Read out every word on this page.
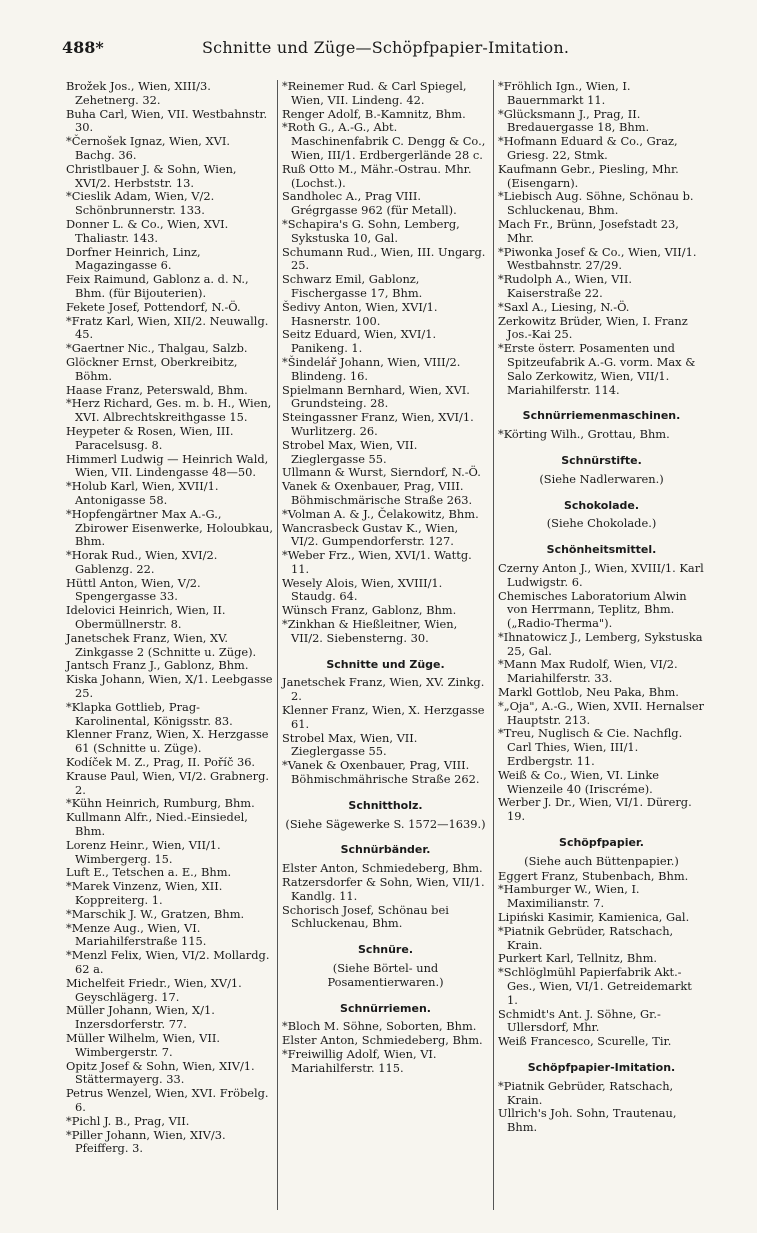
488*	Schnitte und Züge—Schöpfpapier-Imitation.
Brožek Jos., Wien, XIII/3. Zehetnerg. 32.
Buha Carl, Wien, VII. Westbahnstr. 30.
*Černošek Ignaz, Wien, XVI. Bachg. 36.
Christlbauer J. & Sohn, Wien, XVI/2. Herbststr. 13.
*Cieslik Adam, Wien, V/2. Schönbrunnerstr. 133.
Donner L. & Co., Wien, XVI. Thaliastr. 143.
Dorfner Heinrich, Linz, Magazingasse 6.
Feix Raimund, Gablonz a. d. N., Bhm. (für Bijouterien).
Fekete Josef, Pottendorf, N.-Ö.
*Fratz Karl, Wien, XII/2. Neuwallg. 45.
*Gaertner Nic., Thalgau, Salzb.
Glöckner Ernst, Oberkreibitz, Böhm.
Haase Franz, Peterswald, Bhm.
*Herz Richard, Ges. m. b. H., Wien, XVI. Albrechtskreithgasse 15.
Heypeter & Rosen, Wien, III. Paracelsusg. 8.
Himmerl Ludwig — Heinrich Wald, Wien, VII. Lindengasse 48—50.
*Holub Karl, Wien, XVII/1. Antonigasse 58.
*Hopfengärtner Max A.-G., Zbirower Eisenwerke, Holoubkau, Bhm.
*Horak Rud., Wien, XVI/2. Gablenzg. 22.
Hüttl Anton, Wien, V/2. Spengergasse 33.
Idelovici Heinrich, Wien, II. Obermüllnerstr. 8.
Janetschek Franz, Wien, XV. Zinkgasse 2 (Schnitte u. Züge).
Jantsch Franz J., Gablonz, Bhm.
Kiska Johann, Wien, X/1. Leebgasse 25.
*Klapka Gottlieb, Prag-Karolinental, Königsstr. 83.
Klenner Franz, Wien, X. Herzgasse 61 (Schnitte u. Züge).
Kodíček M. Z., Prag, II. Poříč 36.
Krause Paul, Wien, VI/2. Grabnerg. 2.
*Kühn Heinrich, Rumburg, Bhm.
Kullmann Alfr., Nied.-Einsiedel, Bhm.
Lorenz Heinr., Wien, VII/1. Wimbergerg. 15.
Luft E., Tetschen a. E., Bhm.
*Marek Vinzenz, Wien, XII. Koppreiterg. 1.
*Marschik J. W., Gratzen, Bhm.
*Menze Aug., Wien, VI. Mariahilferstraße 115.
*Menzl Felix, Wien, VI/2. Mollardg. 62 a.
Michelfeit Friedr., Wien, XV/1. Geyschlägerg. 17.
Müller Johann, Wien, X/1. Inzersdorferstr. 77.
Müller Wilhelm, Wien, VII. Wimbergerstr. 7.
Opitz Josef & Sohn, Wien, XIV/1. Stättermayerg. 33.
Petrus Wenzel, Wien, XVI. Fröbelg. 6.
*Pichl J. B., Prag, VII.
*Piller Johann, Wien, XIV/3. Pfeifferg. 3.
*Reinemer Rud. & Carl Spiegel, Wien, VII. Lindeng. 42.
Renger Adolf, B.-Kamnitz, Bhm.
*Roth G., A.-G., Abt. Maschinenfabrik C. Dengg & Co., Wien, III/1. Erdbergerlände 28 c.
Ruß Otto M., Mähr.-Ostrau. Mhr. (Lochst.).
Sandholec A., Prag VIII. Grégrgasse 962 (für Metall).
*Schapira's G. Sohn, Lemberg, Sykstuska 10, Gal.
Schumann Rud., Wien, III. Ungarg. 25.
Schwarz Emil, Gablonz, Fischergasse 17, Bhm.
Šedivy Anton, Wien, XVI/1. Hasnerstr. 100.
Seitz Eduard, Wien, XVI/1. Panikeng. 1.
*Šindelář Johann, Wien, VIII/2. Blindeng. 16.
Spielmann Bernhard, Wien, XVI. Grundsteing. 28.
Steingassner Franz, Wien, XVI/1. Wurlitzerg. 26.
Strobel Max, Wien, VII. Zieglergasse 55.
Ullmann & Wurst, Sierndorf, N.-Ö.
Vanek & Oxenbauer, Prag, VIII. Böhmischmärische Straße 263.
*Volman A. & J., Čelakowitz, Bhm.
Wancrasbeck Gustav K., Wien, VI/2. Gumpendorferstr. 127.
*Weber Frz., Wien, XVI/1. Wattg. 11.
Wesely Alois, Wien, XVIII/1. Staudg. 64.
Wünsch Franz, Gablonz, Bhm.
*Zinkhan & Hießleitner, Wien, VII/2. Siebensterng. 30.
Schnitte und Züge.
Janetschek Franz, Wien, XV. Zinkg. 2.
Klenner Franz, Wien, X. Herzgasse 61.
Strobel Max, Wien, VII. Zieglergasse 55.
*Vanek & Oxenbauer, Prag, VIII. Böhmischmährische Straße 262.
Schnittholz.
(Siehe Sägewerke S. 1572—1639.)
Schnürbänder.
Elster Anton, Schmiedeberg, Bhm.
Ratzersdorfer & Sohn, Wien, VII/1. Kandlg. 11.
Schorisch Josef, Schönau bei Schluckenau, Bhm.
Schnüre.
(Siehe Börtel- und Posamentierwaren.)
Schnürriemen.
*Bloch M. Söhne, Soborten, Bhm.
Elster Anton, Schmiedeberg, Bhm.
*Freiwillig Adolf, Wien, VI. Mariahilferstr. 115.
*Fröhlich Ign., Wien, I. Bauernmarkt 11.
*Glücksmann J., Prag, II. Bredauergasse 18, Bhm.
*Hofmann Eduard & Co., Graz, Griesg. 22, Stmk.
Kaufmann Gebr., Piesling, Mhr. (Eisengarn).
*Liebisch Aug. Söhne, Schönau b. Schluckenau, Bhm.
Mach Fr., Brünn, Josefstadt 23, Mhr.
*Piwonka Josef & Co., Wien, VII/1. Westbahnstr. 27/29.
*Rudolph A., Wien, VII. Kaiserstraße 22.
*Saxl A., Liesing, N.-Ö.
Zerkowitz Brüder, Wien, I. Franz Jos.-Kai 25.
*Erste österr. Posamenten und Spitzeufabrik A.-G. vorm. Max & Salo Zerkowitz, Wien, VII/1. Mariahilferstr. 114.
Schnürriemenmaschinen.
*Körting Wilh., Grottau, Bhm.
Schnürstifte.
(Siehe Nadlerwaren.)
Schokolade.
(Siehe Chokolade.)
Schönheitsmittel.
Czerny Anton J., Wien, XVIII/1. Karl Ludwigstr. 6.
Chemisches Laboratorium Alwin von Herrmann, Teplitz, Bhm. („Radio-Therma").
*Ihnatowicz J., Lemberg, Sykstuska 25, Gal.
*Mann Max Rudolf, Wien, VI/2. Mariahilferstr. 33.
Markl Gottlob, Neu Paka, Bhm.
*„Oja", A.-G., Wien, XVII. Hernalser Hauptstr. 213.
*Treu, Nuglisch & Cie. Nachflg. Carl Thies, Wien, III/1. Erdbergstr. 11.
Weiß & Co., Wien, VI. Linke Wienzeile 40 (Iriscréme).
Werber J. Dr., Wien, VI/1. Dürerg. 19.
Schöpfpapier.
(Siehe auch Büttenpapier.)
Eggert Franz, Stubenbach, Bhm.
*Hamburger W., Wien, I. Maximilianstr. 7.
Lipiński Kasimir, Kamienica, Gal.
*Piatnik Gebrüder, Ratschach, Krain.
Purkert Karl, Tellnitz, Bhm.
*Schlöglmühl Papierfabrik Akt.-Ges., Wien, VI/1. Getreidemarkt 1.
Schmidt's Ant. J. Söhne, Gr.-Ullersdorf, Mhr.
Weiß Francesco, Scurelle, Tir.
Schöpfpapier-Imitation.
*Piatnik Gebrüder, Ratschach, Krain.
Ullrich's Joh. Sohn, Trautenau, Bhm.
